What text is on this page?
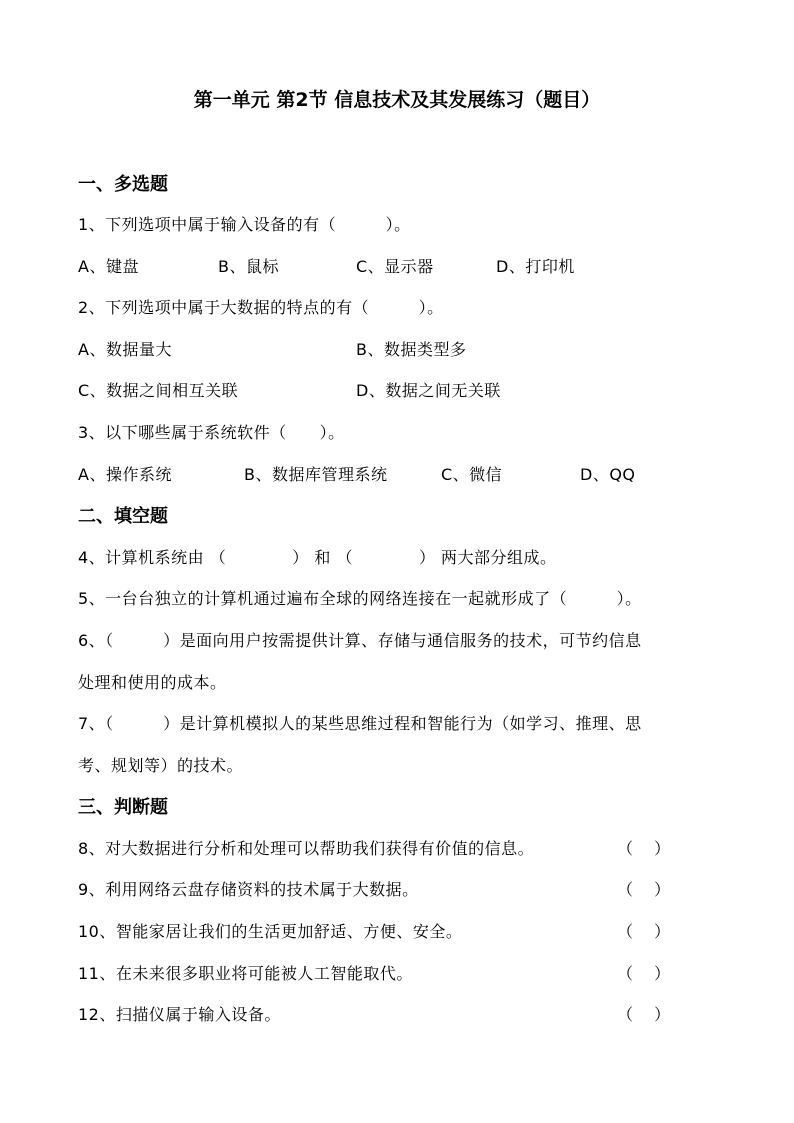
第一单元 第2节 信息技术及其发展练习（题目）
一、多选题
1、下列选项中属于输入设备的有（　　　）。
A、键盘	B、鼠标	C、显示器	D、打印机
2、下列选项中属于大数据的特点的有（　　　）。
A、数据量大	B、数据类型多
C、数据之间相互关联	D、数据之间无关联
3、以下哪些属于系统软件（　　）。
A、操作系统	B、数据库管理系统	C、微信	D、QQ
二、填空题
4、计算机系统由 （　　　　） 和 （　　　　） 两大部分组成。
5、一台台独立的计算机通过遍布全球的网络连接在一起就形成了（　　　）。
6、（　　　）是面向用户按需提供计算、存储与通信服务的技术，可节约信息
处理和使用的成本。
7、（　　　）是计算机模拟人的某些思维过程和智能行为（如学习、推理、思
考、规划等）的技术。
三、判断题
8、对大数据进行分析和处理可以帮助我们获得有价值的信息。	（　 ）
9、利用网络云盘存储资料的技术属于大数据。	（　 ）
10、智能家居让我们的生活更加舒适、方便、安全。	（　 ）
11、在未来很多职业将可能被人工智能取代。	（　 ）
12、扫描仪属于输入设备。	（　 ）
